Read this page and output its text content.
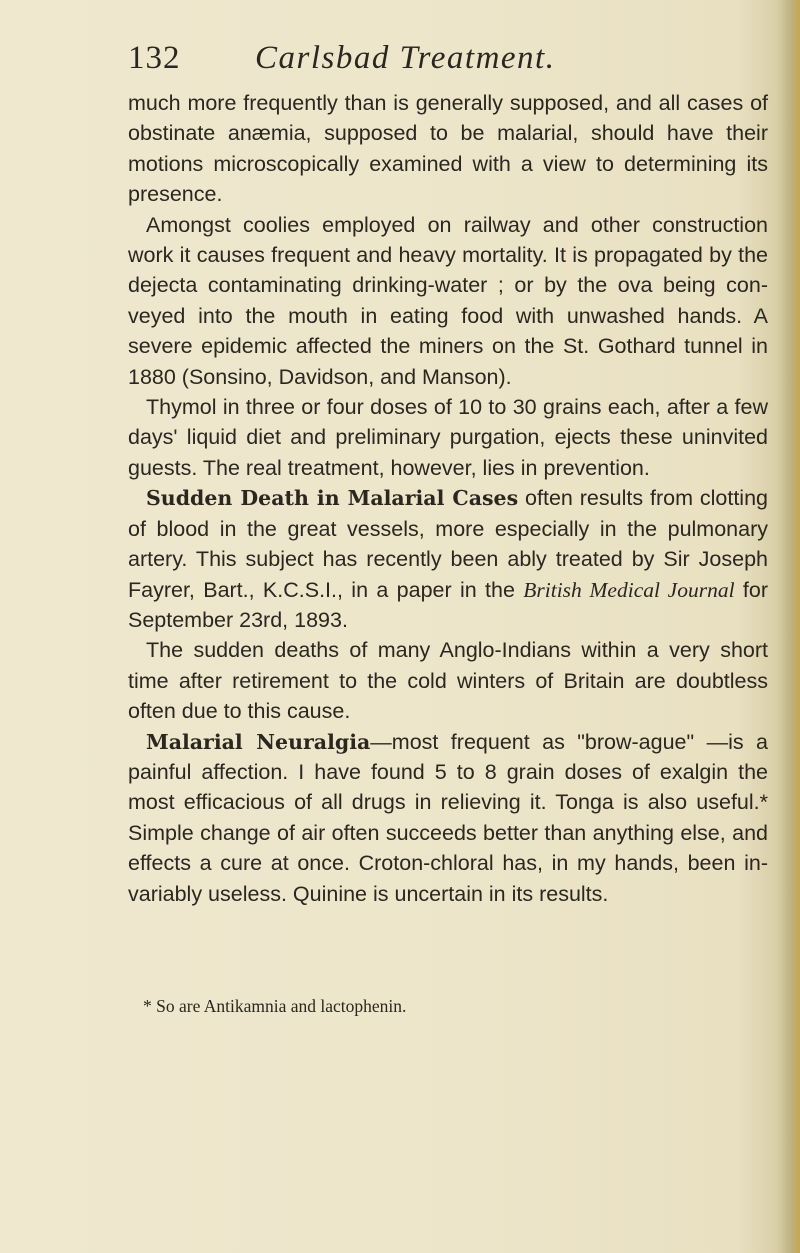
132 Carlsbad Treatment.

much more frequently than is generally supposed, and all cases of obstinate anæmia, supposed to be malarial, should have their motions microscopically examined with a view to determining its presence.

Amongst coolies employed on railway and other construction work it causes frequent and heavy mortality. It is propagated by the dejecta contaminating drinking-water ; or by the ova being conveyed into the mouth in eating food with unwashed hands. A severe epidemic affected the miners on the St. Gothard tunnel in 1880 (Sonsino, Davidson, and Manson).

Thymol in three or four doses of 10 to 30 grains each, after a few days' liquid diet and preliminary purgation, ejects these uninvited guests. The real treatment, however, lies in prevention.

Sudden Death in Malarial Cases often results from clotting of blood in the great vessels, more especially in the pulmonary artery. This subject has recently been ably treated by Sir Joseph Fayrer, Bart., K.C.S.I., in a paper in the British Medical Journal for September 23rd, 1893.

The sudden deaths of many Anglo-Indians within a very short time after retirement to the cold winters of Britain are doubtless often due to this cause.

Malarial Neuralgia—most frequent as "brow-ague" —is a painful affection. I have found 5 to 8 grain doses of exalgin the most efficacious of all drugs in relieving it. Tonga is also useful.* Simple change of air often succeeds better than anything else, and effects a cure at once. Croton-chloral has, in my hands, been invariably useless. Quinine is uncertain in its results.

* So are Antikamnia and lactophenin.
